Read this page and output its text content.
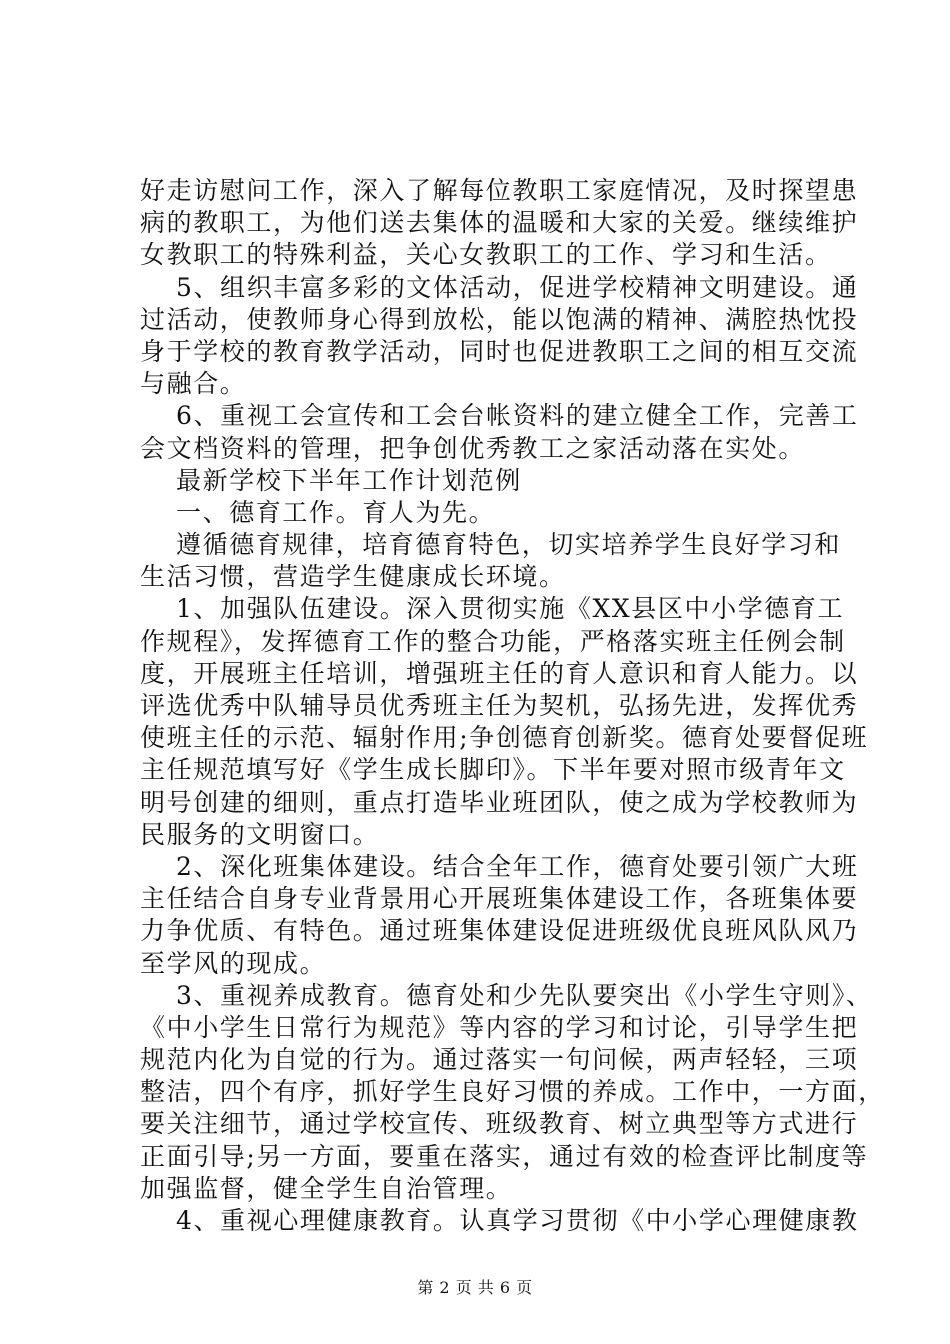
好走访慰问工作，深入了解每位教职工家庭情况，及时探望患
病的教职工，为他们送去集体的温暖和大家的关爱。继续维护
女教职工的特殊利益，关心女教职工的工作、学习和生活。
5、组织丰富多彩的文体活动，促进学校精神文明建设。通
过活动，使教师身心得到放松，能以饱满的精神、满腔热忱投
身于学校的教育教学活动，同时也促进教职工之间的相互交流
与融合。
6、重视工会宣传和工会台帐资料的建立健全工作，完善工
会文档资料的管理，把争创优秀教工之家活动落在实处。
最新学校下半年工作计划范例
一、德育工作。育人为先。
遵循德育规律，培育德育特色，切实培养学生良好学习和
生活习惯，营造学生健康成长环境。
1、加强队伍建设。深入贯彻实施《XX县区中小学德育工
作规程》，发挥德育工作的整合功能，严格落实班主任例会制
度，开展班主任培训，增强班主任的育人意识和育人能力。以
评选优秀中队辅导员优秀班主任为契机，弘扬先进，发挥优秀
使班主任的示范、辐射作用;争创德育创新奖。德育处要督促班
主任规范填写好《学生成长脚印》。下半年要对照市级青年文
明号创建的细则，重点打造毕业班团队，使之成为学校教师为
民服务的文明窗口。
2、深化班集体建设。结合全年工作，德育处要引领广大班
主任结合自身专业背景用心开展班集体建设工作，各班集体要
力争优质、有特色。通过班集体建设促进班级优良班风队风乃
至学风的现成。
3、重视养成教育。德育处和少先队要突出《小学生守则》、
《中小学生日常行为规范》等内容的学习和讨论，引导学生把
规范内化为自觉的行为。通过落实一句问候，两声轻轻，三项
整洁，四个有序，抓好学生良好习惯的养成。工作中，一方面，
要关注细节，通过学校宣传、班级教育、树立典型等方式进行
正面引导;另一方面，要重在落实，通过有效的检查评比制度等
加强监督，健全学生自治管理。
4、重视心理健康教育。认真学习贯彻《中小学心理健康教
第 2 页 共 6 页
